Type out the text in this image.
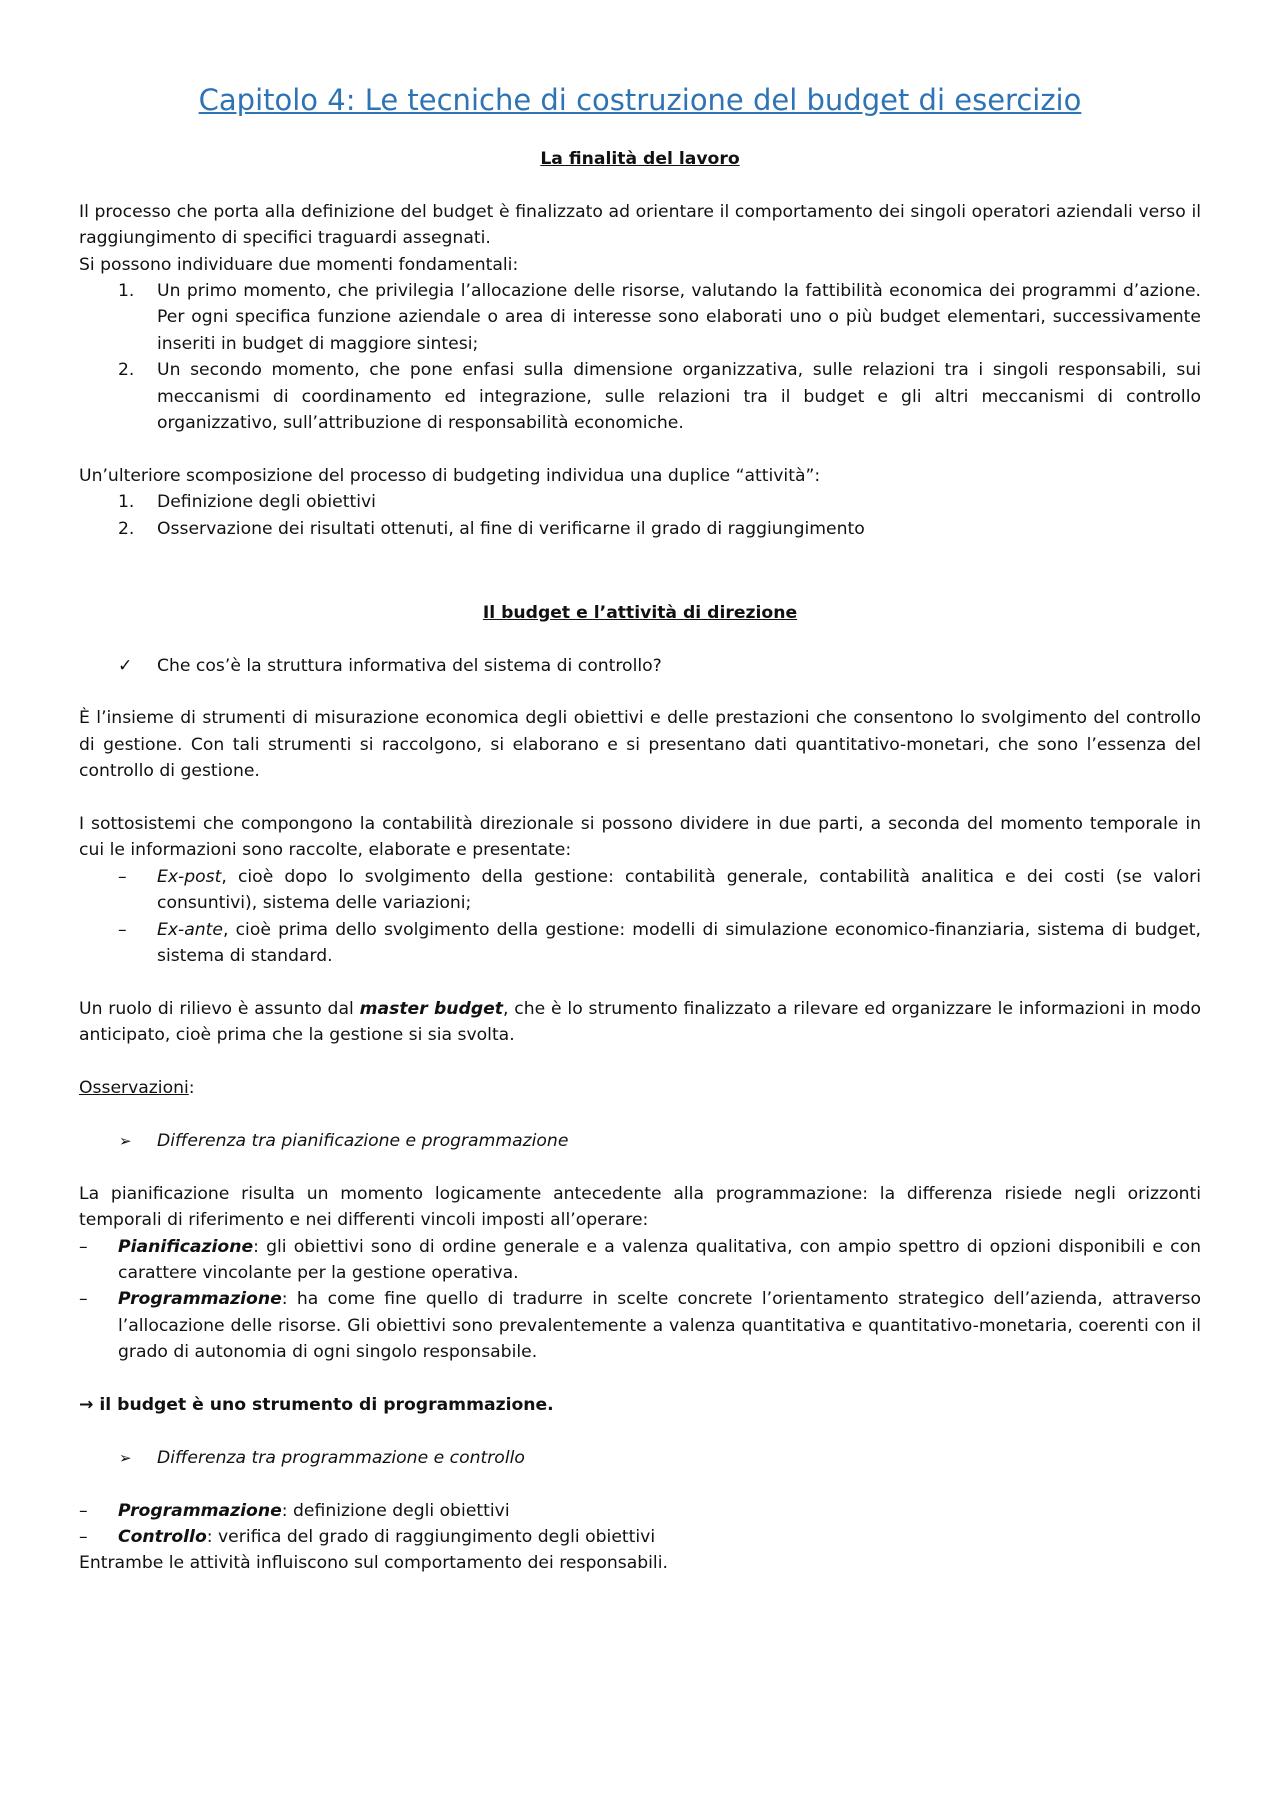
Capitolo 4: Le tecniche di costruzione del budget di esercizio
La finalità del lavoro

Il processo che porta alla definizione del budget è finalizzato ad orientare il comportamento dei singoli operatori aziendali verso il raggiungimento di specifici traguardi assegnati.

Si possono individuare due momenti fondamentali:

1. Un primo momento, che privilegia l’allocazione delle risorse, valutando la fattibilità economica dei programmi d’azione. Per ogni specifica funzione aziendale o area di interesse sono elaborati uno o più budget elementari, successivamente inseriti in budget di maggiore sintesi;
2. Un secondo momento, che pone enfasi sulla dimensione organizzativa, sulle relazioni tra i singoli responsabili, sui meccanismi di coordinamento ed integrazione, sulle relazioni tra il budget e gli altri meccanismi di controllo organizzativo, sull’attribuzione di responsabilità economiche.

Un’ulteriore scomposizione del processo di budgeting individua una duplice “attività”:

1. Definizione degli obiettivi
2. Osservazione dei risultati ottenuti, al fine di verificarne il grado di raggiungimento
Il budget e l’attività di direzione
✓ Che cos’è la struttura informativa del sistema di controllo?

È l’insieme di strumenti di misurazione economica degli obiettivi e delle prestazioni che consentono lo svolgimento del controllo di gestione. Con tali strumenti si raccolgono, si elaborano e si presentano dati quantitativo-monetari, che sono l’essenza del controllo di gestione.

I sottosistemi che compongono la contabilità direzionale si possono dividere in due parti, a seconda del momento temporale in cui le informazioni sono raccolte, elaborate e presentate:

– Ex-post, cioè dopo lo svolgimento della gestione: contabilità generale, contabilità analitica e dei costi (se valori consuntivi), sistema delle variazioni;
– Ex-ante, cioè prima dello svolgimento della gestione: modelli di simulazione economico-finanziaria, sistema di budget, sistema di standard.

Un ruolo di rilievo è assunto dal master budget, che è lo strumento finalizzato a rilevare ed organizzare le informazioni in modo anticipato, cioè prima che la gestione si sia svolta.

Osservazioni:

➢ Differenza tra pianificazione e programmazione

La pianificazione risulta un momento logicamente antecedente alla programmazione: la differenza risiede negli orizzonti temporali di riferimento e nei differenti vincoli imposti all’operare:

– Pianificazione: gli obiettivi sono di ordine generale e a valenza qualitativa, con ampio spettro di opzioni disponibili e con carattere vincolante per la gestione operativa.
– Programmazione: ha come fine quello di tradurre in scelte concrete l’orientamento strategico dell’azienda, attraverso l’allocazione delle risorse. Gli obiettivi sono prevalentemente a valenza quantitativa e quantitativo-monetaria, coerenti con il grado di autonomia di ogni singolo responsabile.

→ il budget è uno strumento di programmazione.

➢ Differenza tra programmazione e controllo
– Programmazione: definizione degli obiettivi
– Controllo: verifica del grado di raggiungimento degli obiettivi

Entrambe le attività influiscono sul comportamento dei responsabili.
